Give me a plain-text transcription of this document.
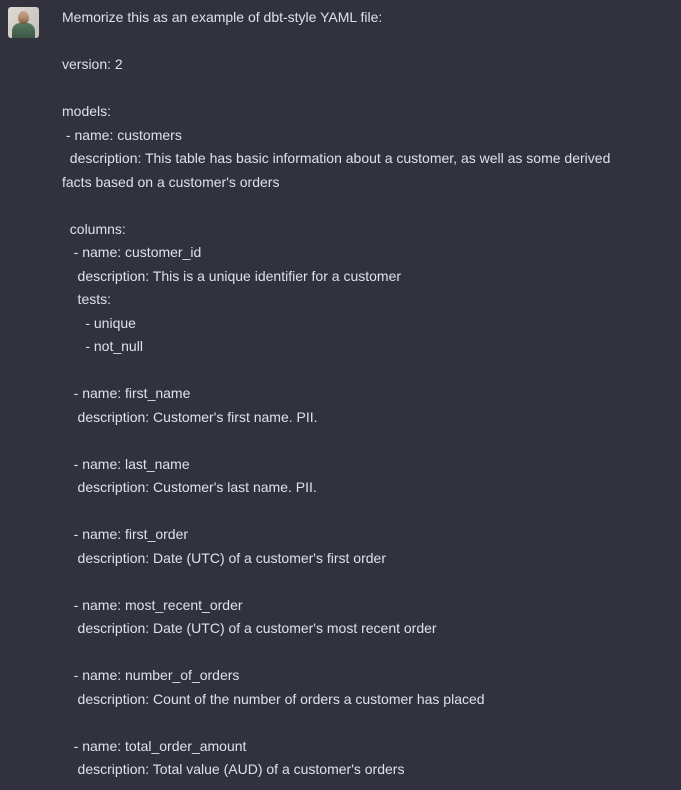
Memorize this as an example of dbt-style YAML file:

version: 2

models:
- name: customers
description: This table has basic information about a customer, as well as some derived
facts based on a customer's orders

columns:
- name: customer_id
description: This is a unique identifier for a customer
tests:
- unique
- not_null

- name: first_name
description: Customer's first name. PII.

- name: last_name
description: Customer's last name. PII.

- name: first_order
description: Date (UTC) of a customer's first order

- name: most_recent_order
description: Date (UTC) of a customer's most recent order

- name: number_of_orders
description: Count of the number of orders a customer has placed

- name: total_order_amount
description: Total value (AUD) of a customer's orders
